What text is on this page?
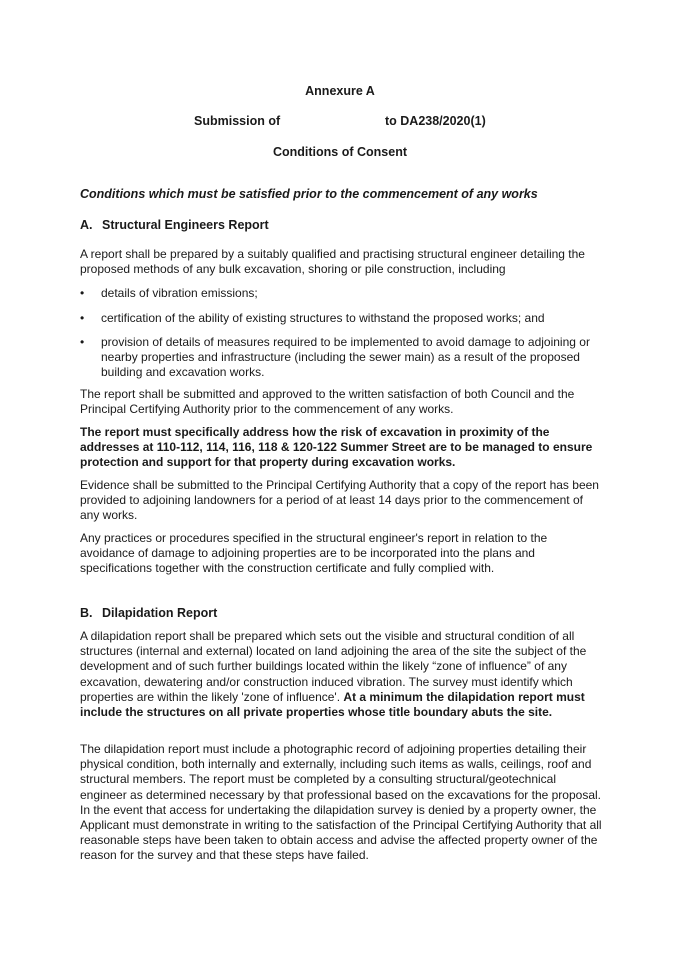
Annexure A
Submission of	to DA238/2020(1)
Conditions of Consent
Conditions which must be satisfied prior to the commencement of any works
A. Structural Engineers Report
A report shall be prepared by a suitably qualified and practising structural engineer detailing the proposed methods of any bulk excavation, shoring or pile construction, including
• details of vibration emissions;
• certification of the ability of existing structures to withstand the proposed works; and
• provision of details of measures required to be implemented to avoid damage to adjoining or nearby properties and infrastructure (including the sewer main) as a result of the proposed building and excavation works.
The report shall be submitted and approved to the written satisfaction of both Council and the Principal Certifying Authority prior to the commencement of any works.
The report must specifically address how the risk of excavation in proximity of the addresses at 110-112, 114, 116, 118 & 120-122 Summer Street are to be managed to ensure protection and support for that property during excavation works.
Evidence shall be submitted to the Principal Certifying Authority that a copy of the report has been provided to adjoining landowners for a period of at least 14 days prior to the commencement of any works.
Any practices or procedures specified in the structural engineer's report in relation to the avoidance of damage to adjoining properties are to be incorporated into the plans and specifications together with the construction certificate and fully complied with.
B. Dilapidation Report
A dilapidation report shall be prepared which sets out the visible and structural condition of all structures (internal and external) located on land adjoining the area of the site the subject of the development and of such further buildings located within the likely “zone of influence” of any excavation, dewatering and/or construction induced vibration. The survey must identify which properties are within the likely 'zone of influence'. At a minimum the dilapidation report must include the structures on all private properties whose title boundary abuts the site.
The dilapidation report must include a photographic record of adjoining properties detailing their physical condition, both internally and externally, including such items as walls, ceilings, roof and structural members. The report must be completed by a consulting structural/geotechnical engineer as determined necessary by that professional based on the excavations for the proposal. In the event that access for undertaking the dilapidation survey is denied by a property owner, the Applicant must demonstrate in writing to the satisfaction of the Principal Certifying Authority that all reasonable steps have been taken to obtain access and advise the affected property owner of the reason for the survey and that these steps have failed.
